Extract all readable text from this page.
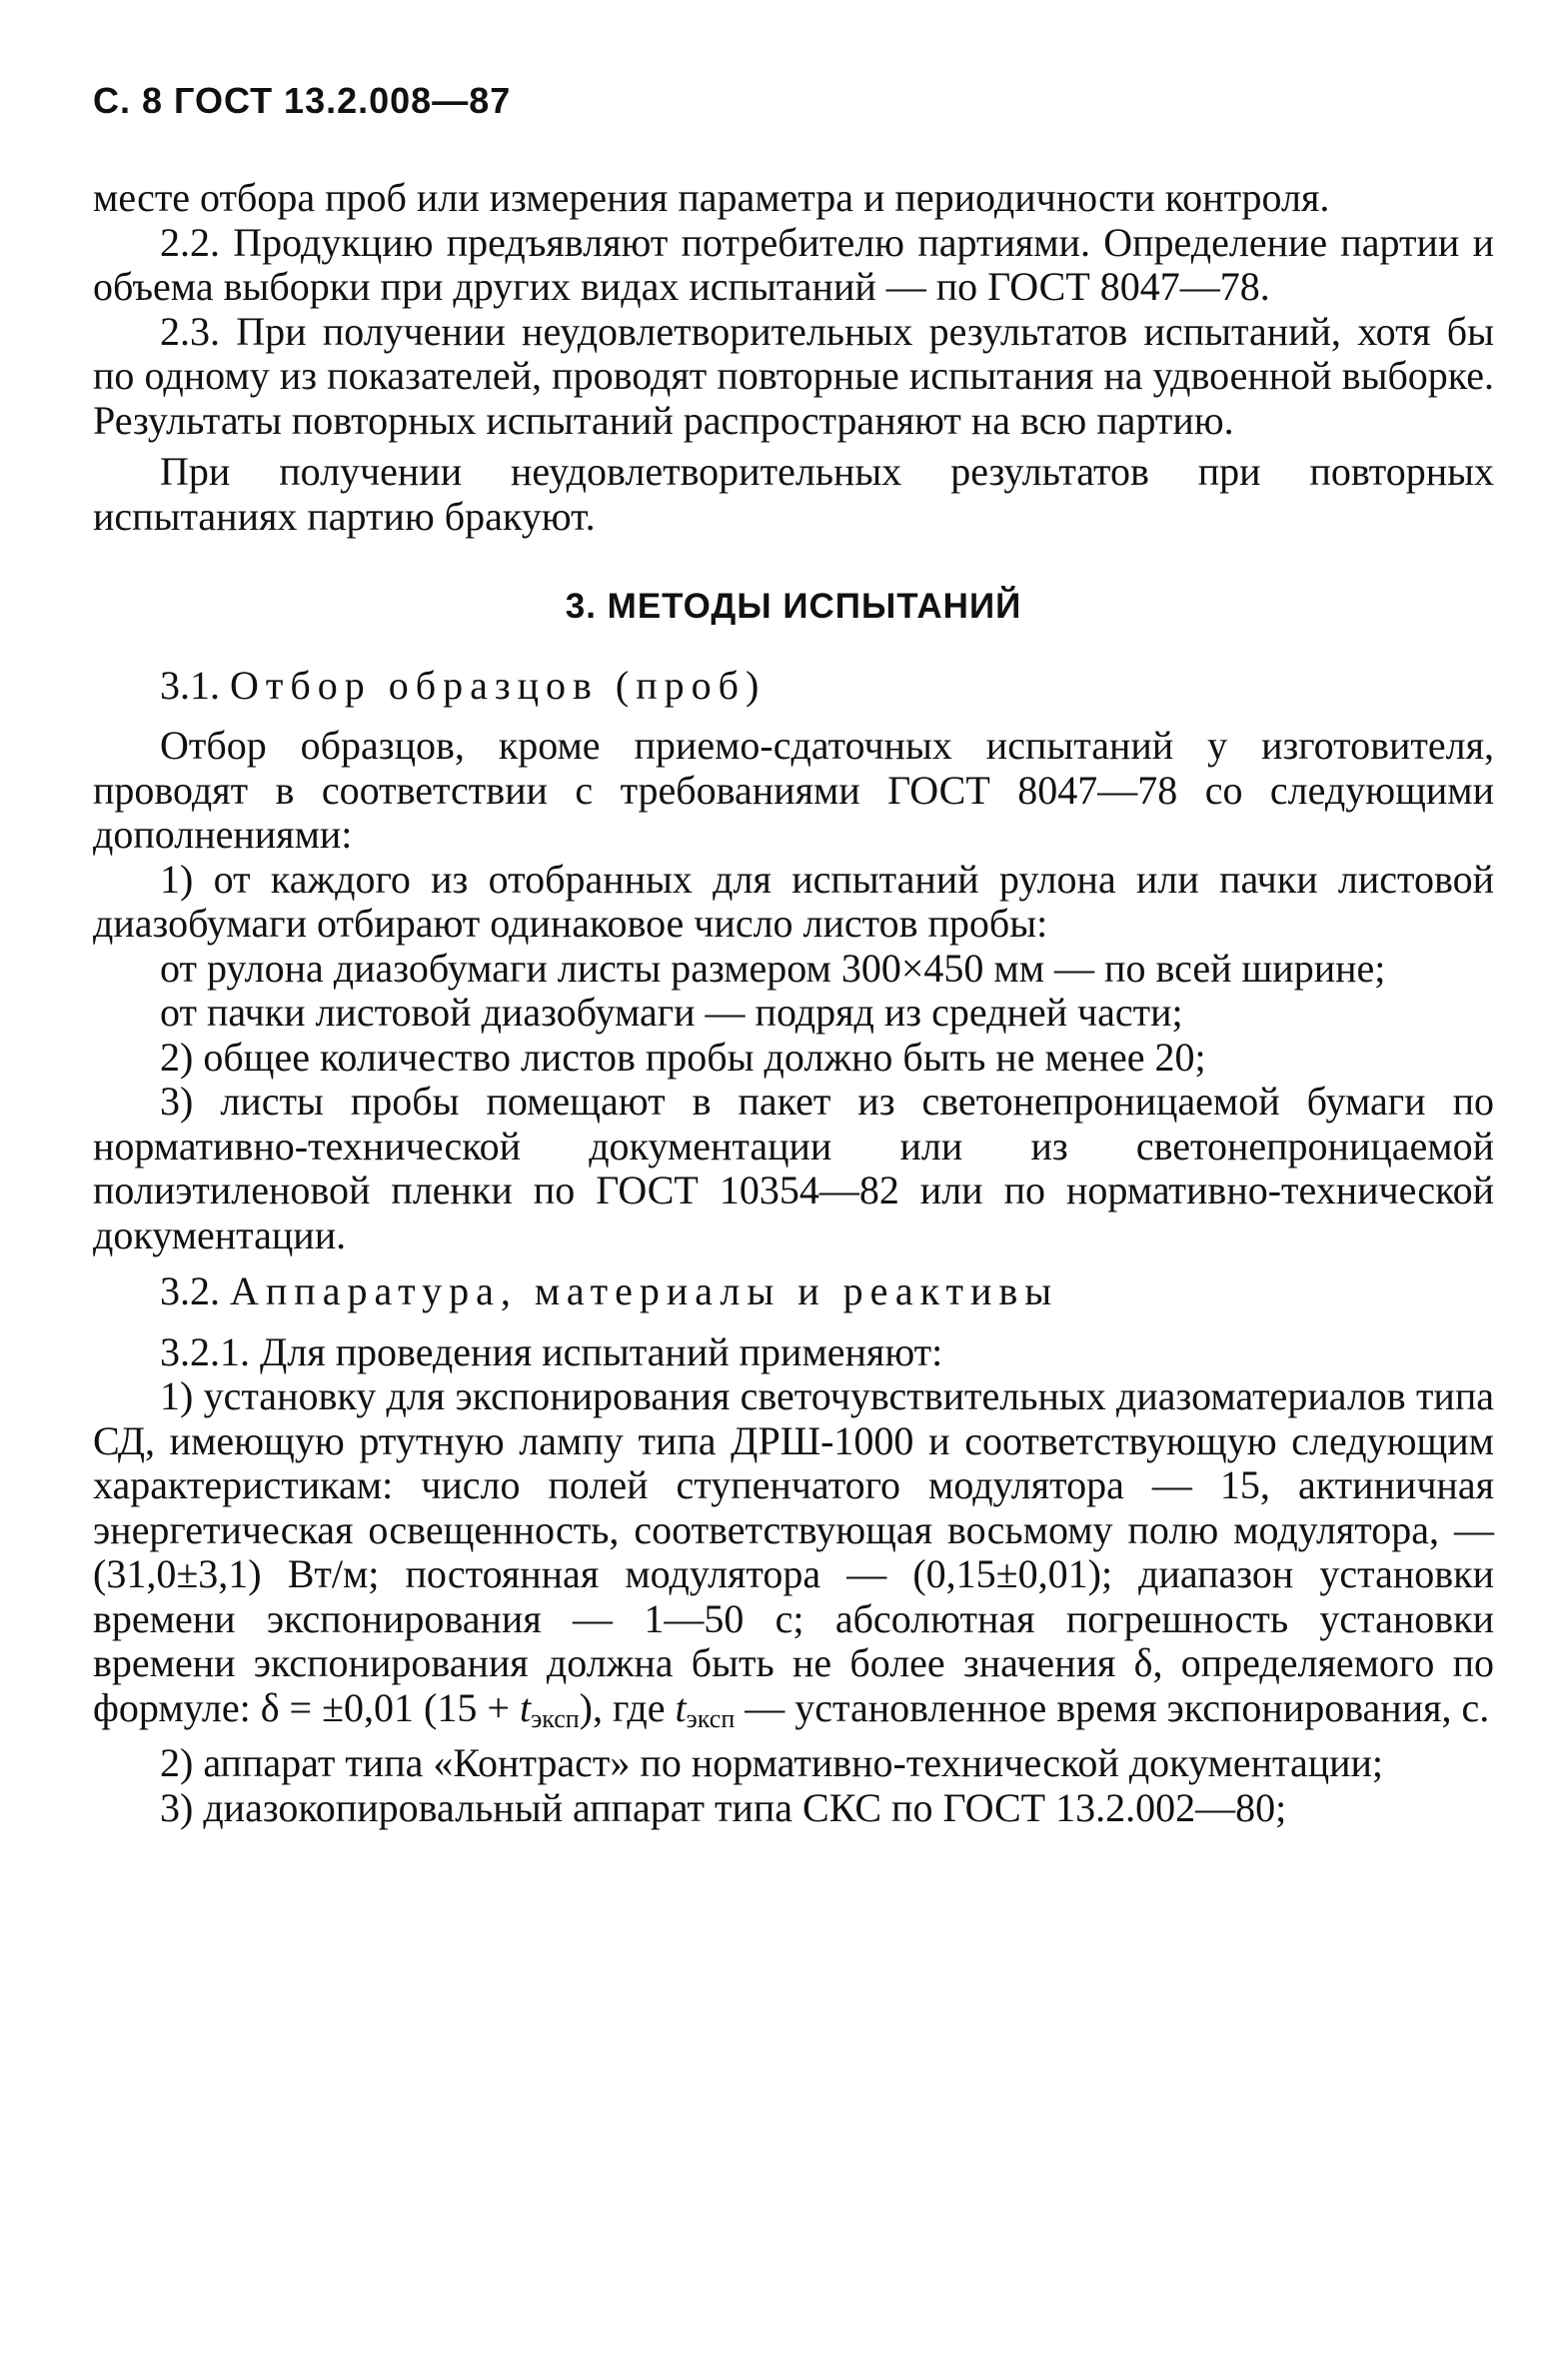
С. 8 ГОСТ 13.2.008—87

месте отбора проб или измерения параметра и периодичности контроля.

2.2. Продукцию предъявляют потребителю партиями. Определение партии и объема выборки при других видах испытаний — по ГОСТ 8047—78.

2.3. При получении неудовлетворительных результатов испытаний, хотя бы по одному из показателей, проводят повторные испытания на удвоенной выборке. Результаты повторных испытаний распространяют на всю партию.

При получении неудовлетворительных результатов при повторных испытаниях партию бракуют.

3. МЕТОДЫ ИСПЫТАНИЙ

3.1. Отбор образцов (проб)

Отбор образцов, кроме приемо-сдаточных испытаний у изготовителя, проводят в соответствии с требованиями ГОСТ 8047—78 со следующими дополнениями:

1) от каждого из отобранных для испытаний рулона или пачки листовой диазобумаги отбирают одинаковое число листов пробы:

от рулона диазобумаги листы размером 300×450 мм — по всей ширине;

от пачки листовой диазобумаги — подряд из средней части;

2) общее количество листов пробы должно быть не менее 20;

3) листы пробы помещают в пакет из светонепроницаемой бумаги по нормативно-технической документации или из светонепроницаемой полиэтиленовой пленки по ГОСТ 10354—82 или по нормативно-технической документации.

3.2. Аппаратура, материалы и реактивы

3.2.1. Для проведения испытаний применяют:

1) установку для экспонирования светочувствительных диазоматериалов типа СД, имеющую ртутную лампу типа ДРШ-1000 и соответствующую следующим характеристикам: число полей ступенчатого модулятора — 15, актиничная энергетическая освещенность, соответствующая восьмому полю модулятора, — (31,0±3,1) Вт/м; постоянная модулятора — (0,15±0,01); диапазон установки времени экспонирования — 1—50 с; абсолютная погрешность установки времени экспонирования должна быть не более значения δ, определяемого по формуле: δ = ±0,01 $(15 + t_{эксп})$, где $t_{эксп}$ — установленное время экспонирования, с.

2) аппарат типа «Контраст» по нормативно-технической документации;

3) диазокопировальный аппарат типа СКС по ГОСТ 13.2.002—80;
